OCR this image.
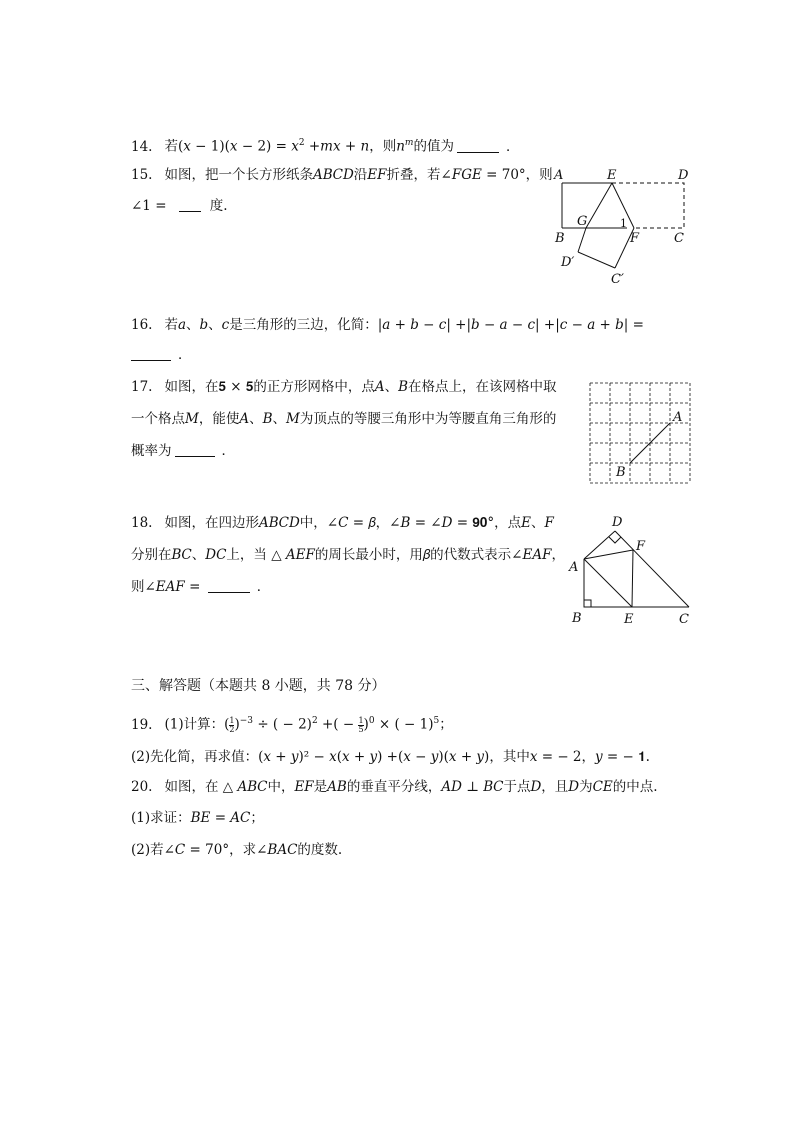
14. 若$(x - 1)(x - 2) = x^2 +mx + n$，则$n^m$的值为	．
15. 如图，把一个长方形纸条𝐴𝐵𝐶𝐷沿𝐸𝐹折叠，若∠𝐹𝐺𝐸 = 70°，则
∠1 =	度.
A	E	D
G	1
B	F	C
D′
C′
16. 若𝑎、𝑏、𝑐是三角形的三边，化简：|𝑎 + 𝑏 − 𝑐| +|𝑏 − 𝑎 − 𝑐| +|𝑐 − 𝑎 + 𝑏| =
．
17. 如图，在𝟓 × 𝟓的正方形网格中，点𝐴、𝐵在格点上，在该网格中取
一个格点𝑀，能使𝐴、𝐵、𝑀为顶点的等腰三角形中为等腰直角三角形的
概率为	．
A
B
18. 如图，在四边形𝐴𝐵𝐶𝐷中，∠𝐶 = 𝛽，∠𝐵 = ∠𝐷 = 𝟗𝟎°，点𝐸、𝐹
分别在𝐵𝐶、𝐷𝐶上，当 △ 𝐴𝐸𝐹的周长最小时，用𝛽的代数式表示∠𝐸𝐴𝐹，
则∠𝐸𝐴𝐹 =	．
D
F
A
B	E	C
三、解答题（本题共 8 小题，共 78 分）
19. (1)计算：( $\frac{1}{2} )^{-3}$ ÷ ( − 2)$^2$ +( − $\frac{1}{5} )^0$ × ( − 1)$^5$；
(2)先化简，再求值：(𝑥 + 𝑦)² − 𝑥(𝑥 + 𝑦) +(𝑥 − 𝑦)(𝑥 + 𝑦)，其中𝑥 = − 2，𝑦 = − 𝟏.
20. 如图，在 △ 𝐴𝐵𝐶中，𝐸𝐹是𝐴𝐵的垂直平分线，𝐴𝐷 ⊥ 𝐵𝐶于点𝐷，且𝐷为𝐶𝐸的中点.
(1)求证：𝐵𝐸 = 𝐴𝐶；
(2)若∠𝐶 = 70°，求∠𝐵𝐴𝐶的度数.
